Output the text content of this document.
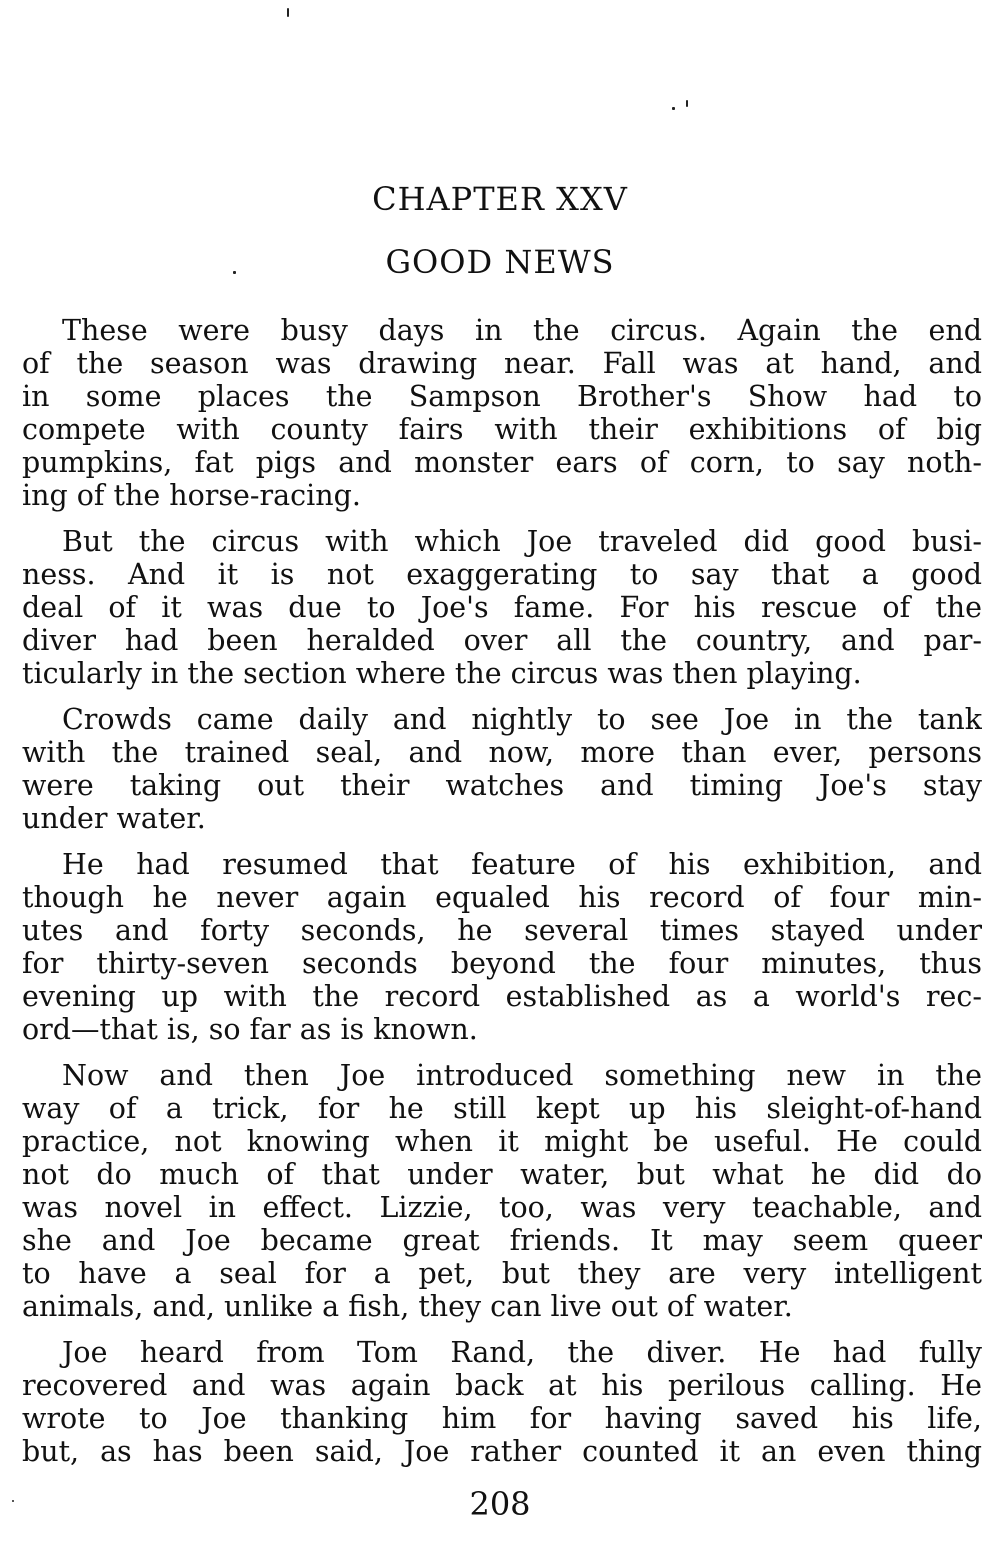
CHAPTER XXV
GOOD NEWS
These were busy days in the circus. Again the end
of the season was drawing near. Fall was at hand, and
in some places the Sampson Brother's Show had to
compete with county fairs with their exhibitions of big
pumpkins, fat pigs and monster ears of corn, to say noth-
ing of the horse-racing.
But the circus with which Joe traveled did good busi-
ness. And it is not exaggerating to say that a good
deal of it was due to Joe's fame. For his rescue of the
diver had been heralded over all the country, and par-
ticularly in the section where the circus was then playing.
Crowds came daily and nightly to see Joe in the tank
with the trained seal, and now, more than ever, persons
were taking out their watches and timing Joe's stay
under water.
He had resumed that feature of his exhibition, and
though he never again equaled his record of four min-
utes and forty seconds, he several times stayed under
for thirty-seven seconds beyond the four minutes, thus
evening up with the record established as a world's rec-
ord—that is, so far as is known.
Now and then Joe introduced something new in the
way of a trick, for he still kept up his sleight-of-hand
practice, not knowing when it might be useful. He could
not do much of that under water, but what he did do
was novel in effect. Lizzie, too, was very teachable, and
she and Joe became great friends. It may seem queer
to have a seal for a pet, but they are very intelligent
animals, and, unlike a fish, they can live out of water.
Joe heard from Tom Rand, the diver. He had fully
recovered and was again back at his perilous calling. He
wrote to Joe thanking him for having saved his life,
but, as has been said, Joe rather counted it an even thing
208
